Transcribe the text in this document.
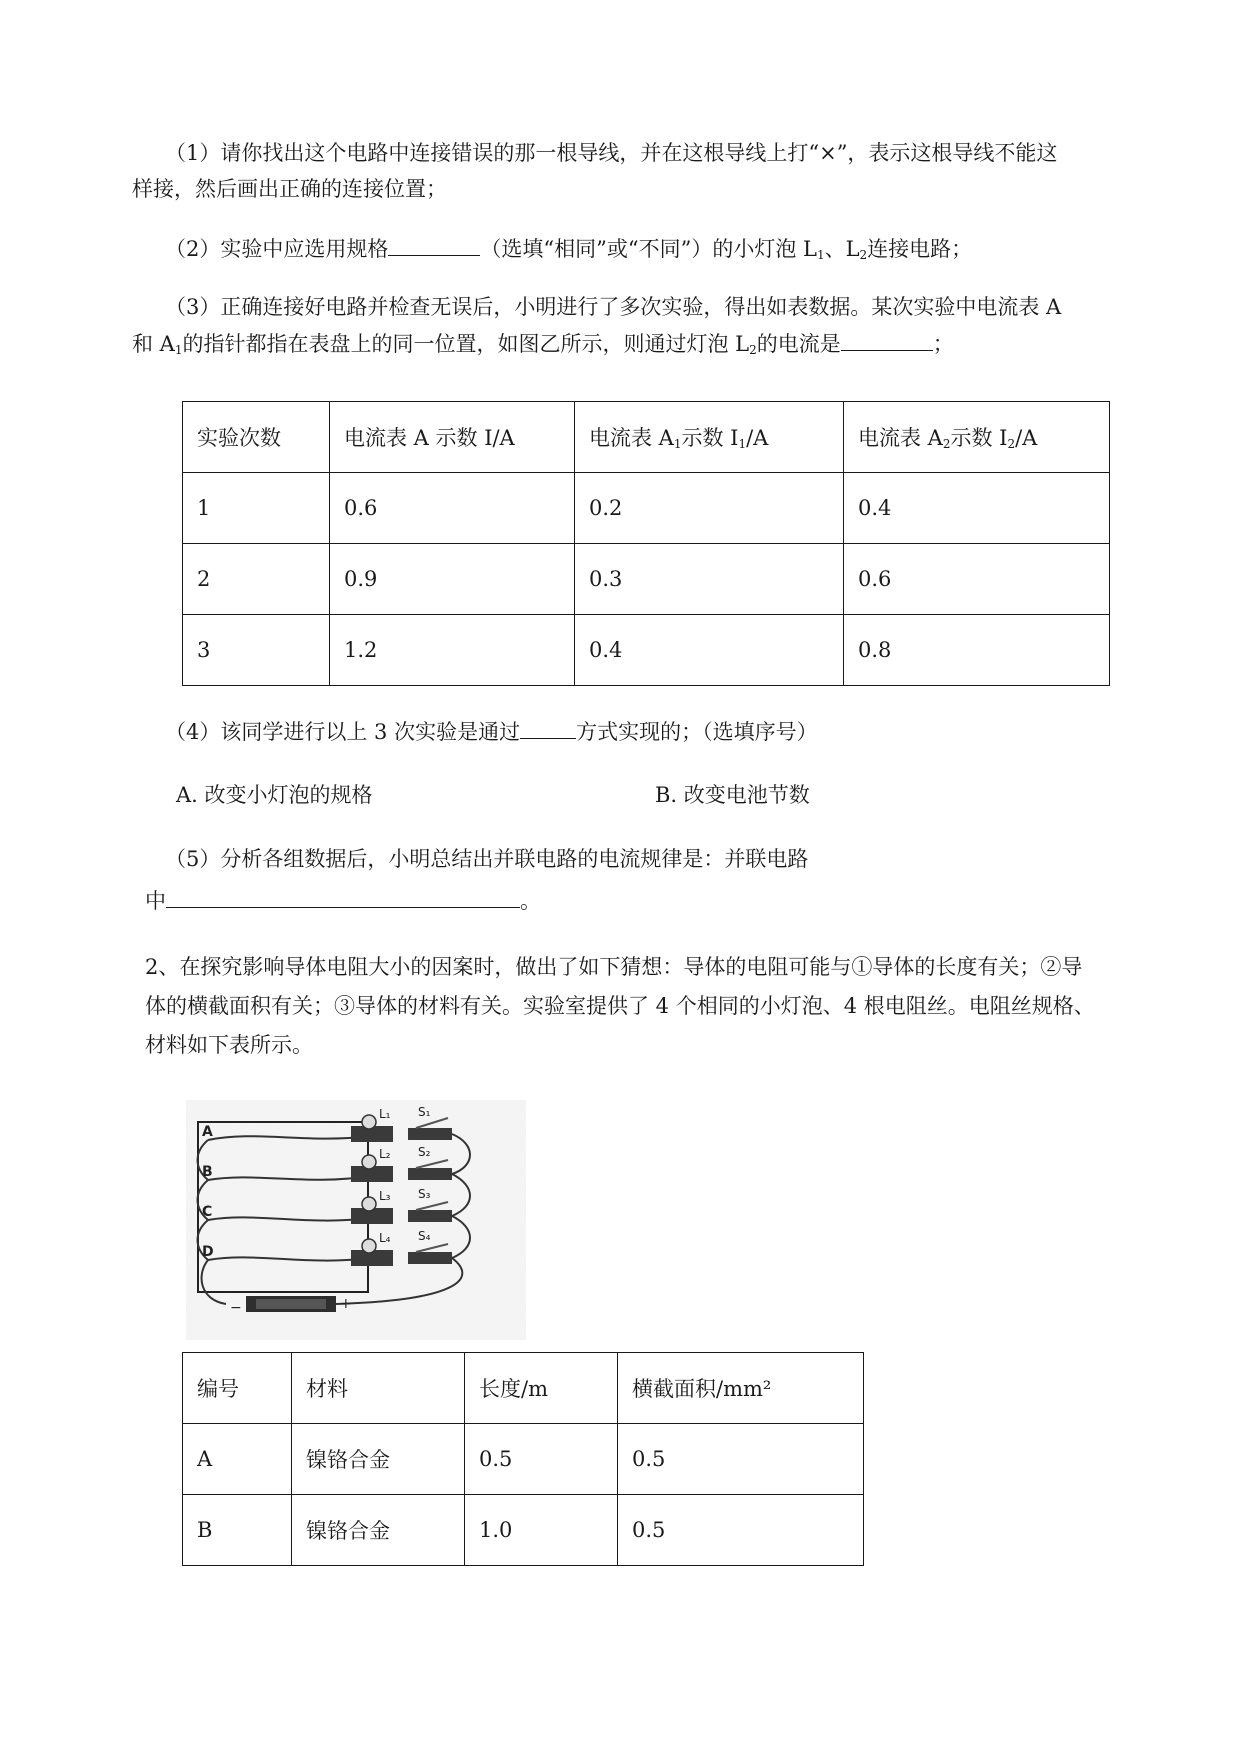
（1）请你找出这个电路中连接错误的那一根导线，并在这根导线上打“×”，表示这根导线不能这
样接，然后画出正确的连接位置；
（2）实验中应选用规格	（选填“相同”或“不同”）的小灯泡 $L_1$、$L_2$连接电路；
（3）正确连接好电路并检查无误后，小明进行了多次实验，得出如表数据。某次实验中电流表 A
和 $A_1$的指针都指在表盘上的同一位置，如图乙所示，则通过灯泡 $L_2$的电流是	；
实验次数	电流表 A 示数 I/A	电流表 $A_1$示数 $I_1/A$	电流表 $A_2$示数 $I_2/A$
1	0.6	0.2	0.4
2	0.9	0.3	0.6
3	1.2	0.4	0.8
（4）该同学进行以上 3 次实验是通过	方式实现的；（选填序号）
A. 改变小灯泡的规格	B. 改变电池节数
（5）分析各组数据后，小明总结出并联电路的电流规律是：并联电路
中	。
2、在探究影响导体电阻大小的因案时，做出了如下猜想：导体的电阻可能与①导体的长度有关；②导
体的横截面积有关；③导体的材料有关。实验室提供了 4 个相同的小灯泡、4 根电阻丝。电阻丝规格、
材料如下表所示。
A
B
C
D
L₁ S₁
L₂ S₂
L₃ S₃
L₄ S₄
−	+
编号	材料	长度/m	横截面积/mm²
A	镍铬合金	0.5	0.5
B	镍铬合金	1.0	0.5
